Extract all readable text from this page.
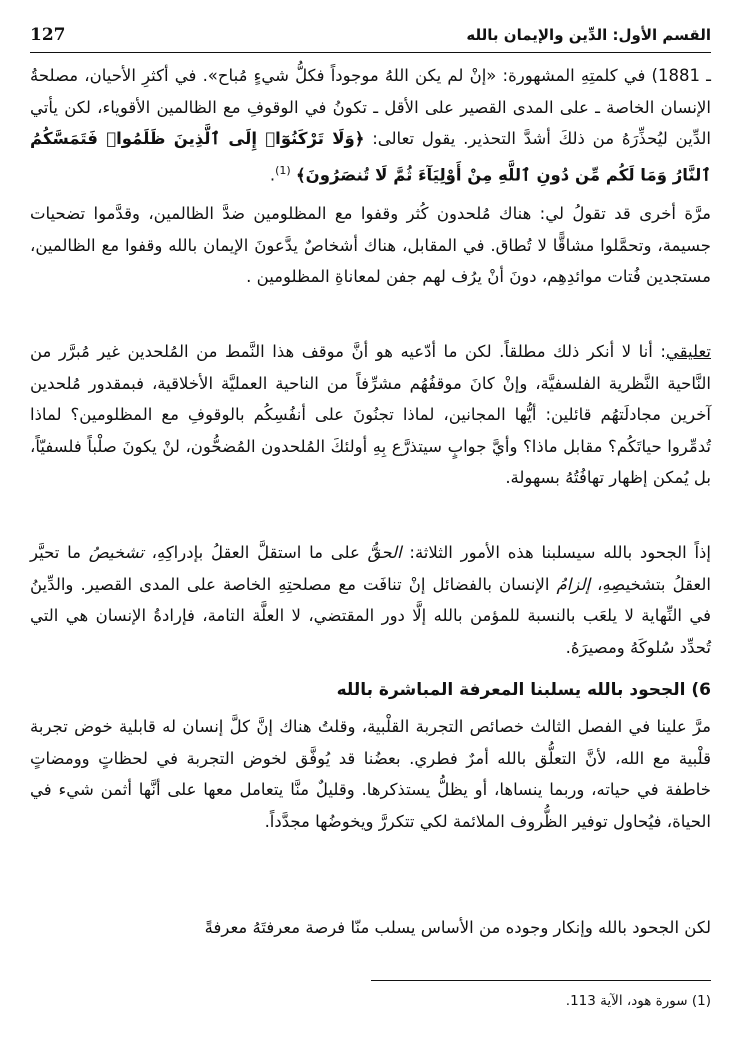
127	القسم الأول: الدِّين والإيمان بالله

ـ 1881) في كلمتِهِ المشهورة: «إنْ لم يكن اللهُ موجوداً فكلُّ شيءٍ مُباح». في أكثرِ الأحيان، مصلحةُ الإنسان الخاصة ـ على المدى القصير على الأقل ـ تكونُ في الوقوفِ مع الظالمين الأقوياء، لكن يأتي الدِّين ليُحذِّرَهُ من ذلكَ أشدَّ التحذير. يقول تعالى: ﴿وَلَا تَرْكَنُوٓا۟ إِلَى ٱلَّذِينَ ظَلَمُوا۟ فَتَمَسَّكُمُ ٱلنَّارُ وَمَا لَكُم مِّن دُونِ ٱللَّهِ مِنْ أَوْلِيَآءَ ثُمَّ لَا تُنصَرُونَ﴾ $^{(1)}$.

مرَّة أخرى قد تقولُ لي: هناك مُلحدون كُثر وقفوا مع المظلومين ضدَّ الظالمين، وقدَّموا تضحيات جسيمة، وتحمَّلوا مشاقًّا لا تُطاق. في المقابل، هناك أشخاصٌ يدَّعونَ الإيمان بالله وقفوا مع الظالمين، مستجدين فُتات موائدِهِم، دونَ أنْ يرُف لهم جفن لمعاناةِ المظلومين .

تعليقي: أنا لا أنكر ذلك مطلقاً. لكن ما أدّعيه هو أنَّ موقف هذا النَّمط من المُلحدين غير مُبرَّر من النَّاحية النَّظرية الفلسفيَّة، وإنْ كانَ موقفُهُم مشرِّفاً من الناحية العمليَّة الأخلاقية، فبمقدور مُلحدين آخرين مجادلَتهُم قائلين: أيُّها المجانين، لماذا تجنُونَ على أنفُسِكُم بالوقوفِ مع المظلومين؟ لماذا تُدمِّروا حياتَكُم؟ مقابل ماذا؟ وأيَّ جوابٍ سيتذرَّع بِهِ أولئكَ المُلحدون المُضحُّون، لنْ يكونَ صلْباً فلسفيّاً، بل يُمكن إظهار تهافُتُهُ بسهولة.

إذاً الجحود بالله سيسلبنا هذه الأمور الثلاثة: الحقُّ على ما استقلَّ العقلُ بإدراكِهِ، تشخيصُ ما تحيَّر العقلُ بتشخيصِهِ، إلزامُ الإنسان بالفضائل إنْ تنافَت مع مصلحتِهِ الخاصة على المدى القصير. والدِّينُ في النِّهاية لا يلعَب بالنسبة للمؤمن بالله إلَّا دور المقتضي، لا العلَّة التامة، فإرادةُ الإنسان هي التي تُحدِّد سُلوكَهُ ومصيرَهُ.

6) الجحود بالله يسلبنا المعرفة المباشرة بالله

مرَّ علينا في الفصل الثالث خصائص التجربة القلْبية، وقلتُ هناك إنَّ كلَّ إنسان له قابلية خوض تجربة قلْبية مع الله، لأنَّ التعلُّق بالله أمرٌ فطري. بعضُنا قد يُوفَّق لخوض التجربة في لحظاتٍ وومضاتٍ خاطفة في حياته، وربما ينساها، أو يظلُّ يستذكرها. وقليلٌ منَّا يتعامل معها على أنَّها أثمن شيء في الحياة، فيُحاول توفير الظُّروف الملائمة لكي تتكررَّ ويخوضُها مجدَّداً.

لكن الجحود بالله وإنكار وجوده من الأساس يسلب منّا فرصة معرفتَهُ معرفةً

(1) سورة هود، الآية 113.
